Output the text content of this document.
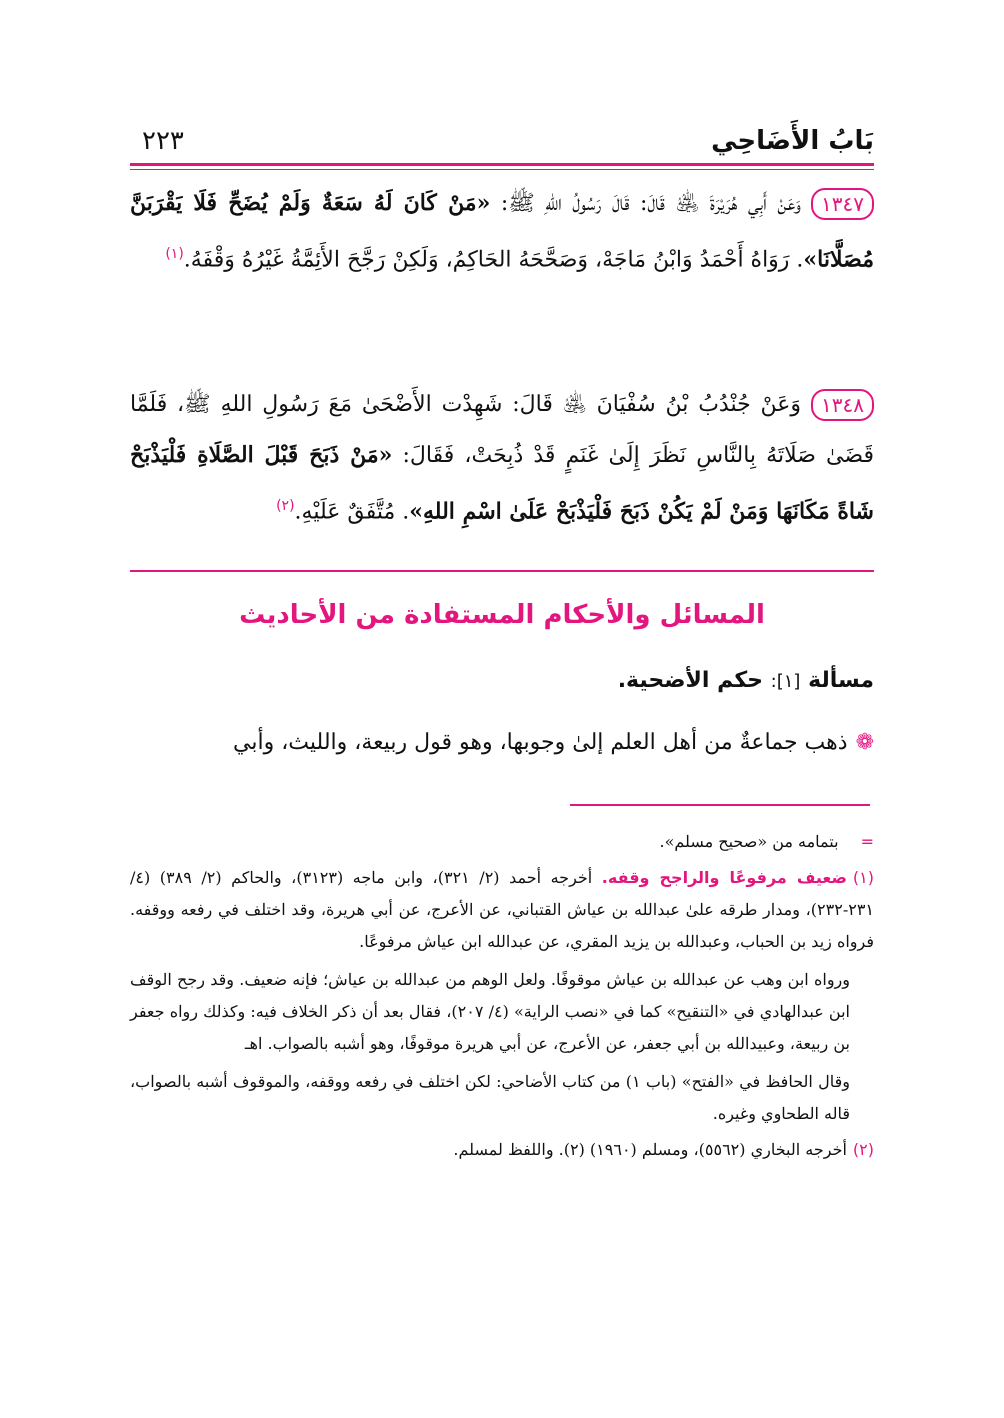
بَابُ الأَضَاحِي
٢٢٣
١٣٤٧وَعَنْ أَبِي هُرَيْرَةَ ﵁ قَالَ: قَالَ رَسُولُ اللهِ ﷺ: «مَنْ كَانَ لَهُ سَعَةٌ وَلَمْ يُضَحِّ فَلَا يَقْرَبَنَّ مُصَلَّانَا». رَوَاهُ أَحْمَدُ وَابْنُ مَاجَهْ، وَصَحَّحَهُ الحَاكِمُ، وَلَكِنْ رَجَّحَ الأَئِمَّةُ غَيْرُهُ وَقْفَهُ.$^{(١)}$
١٣٤٨وَعَنْ جُنْدُبُ بْنُ سُفْيَانَ ﵁ قَالَ: شَهِدْت الأَضْحَىٰ مَعَ رَسُولِ اللهِ ﷺ، فَلَمَّا قَضَىٰ صَلَاتَهُ بِالنَّاسِ نَظَرَ إِلَىٰ غَنَمٍ قَدْ ذُبِحَتْ، فَقَالَ: «مَنْ ذَبَحَ قَبْلَ الصَّلَاةِ فَلْيَذْبَحْ شَاةً مَكَانَهَا وَمَنْ لَمْ يَكُنْ ذَبَحَ فَلْيَذْبَحْ عَلَىٰ اسْمِ اللهِ». مُتَّفَقٌ عَلَيْهِ.$^{(٢)}$
المسائل والأحكام المستفادة من الأحاديث
مسألة [١]: حكم الأضحية.
❁ذهب جماعةٌ من أهل العلم إلىٰ وجوبها، وهو قول ربيعة، والليث، وأبي

=بتمامه من «صحيح مسلم».

(١)ضعيف مرفوعًا والراجح وقفه. أخرجه أحمد (٢/ ٣٢١)، وابن ماجه (٣١٢٣)، والحاكم (٢/ ٣٨٩) (٤/ ٢٣١-٢٣٢)، ومدار طرقه علىٰ عبدالله بن عياش القتباني، عن الأعرج، عن أبي هريرة، وقد اختلف في رفعه ووقفه. فرواه زيد بن الحباب، وعبدالله بن يزيد المقري، عن عبدالله ابن عياش مرفوعًا.

ورواه ابن وهب عن عبدالله بن عياش موقوفًا. ولعل الوهم من عبدالله بن عياش؛ فإنه ضعيف. وقد رجح الوقف ابن عبدالهادي في «التنقيح» كما في «نصب الراية» (٤/ ٢٠٧)، فقال بعد أن ذكر الخلاف فيه: وكذلك رواه جعفر بن ربيعة، وعبيدالله بن أبي جعفر، عن الأعرج، عن أبي هريرة موقوفًا، وهو أشبه بالصواب. اهـ

وقال الحافظ في «الفتح» (باب ١) من كتاب الأضاحي: لكن اختلف في رفعه ووقفه، والموقوف أشبه بالصواب، قاله الطحاوي وغيره.

(٢)أخرجه البخاري (٥٥٦٢)، ومسلم (١٩٦٠) (٢). واللفظ لمسلم.
